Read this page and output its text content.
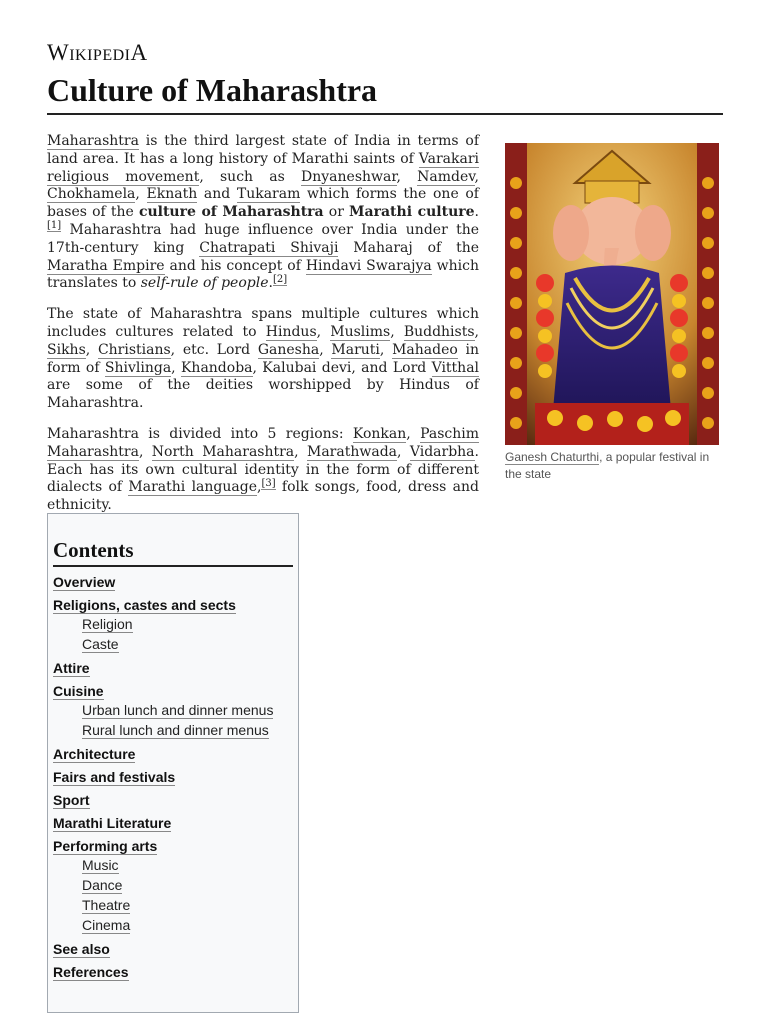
WikipediA
Culture of Maharashtra

Maharashtra is the third largest state of India in terms of land area. It has a long history of Marathi saints of Varakari religious movement, such as Dnyaneshwar, Namdev, Chokhamela, Eknath and Tukaram which forms the one of bases of the culture of Maharashtra or Marathi culture.[1] Maharashtra had huge influence over India under the 17th-century king Chatrapati Shivaji Maharaj of the Maratha Empire and his concept of Hindavi Swarajya which translates to self-rule of people.[2]

The state of Maharashtra spans multiple cultures which includes cultures related to Hindus, Muslims, Buddhists, Sikhs, Christians, etc. Lord Ganesha, Maruti, Mahadeo in form of Shivlinga, Khandoba, Kalubai devi, and Lord Vitthal are some of the deities worshipped by Hindus of Maharashtra.

Maharashtra is divided into 5 regions: Konkan, Paschim Maharashtra, North Maharashtra, Marathwada, Vidarbha. Each has its own cultural identity in the form of different dialects of Marathi language,[3] folk songs, food, dress and ethnicity.

Ganesh Chaturthi, a popular festival in the state
Contents
Overview
Religions, castes and sects
Religion
Caste
Attire
Cuisine
Urban lunch and dinner menus
Rural lunch and dinner menus
Architecture
Fairs and festivals
Sport
Marathi Literature
Performing arts
Music
Dance
Theatre
Cinema
See also
References
